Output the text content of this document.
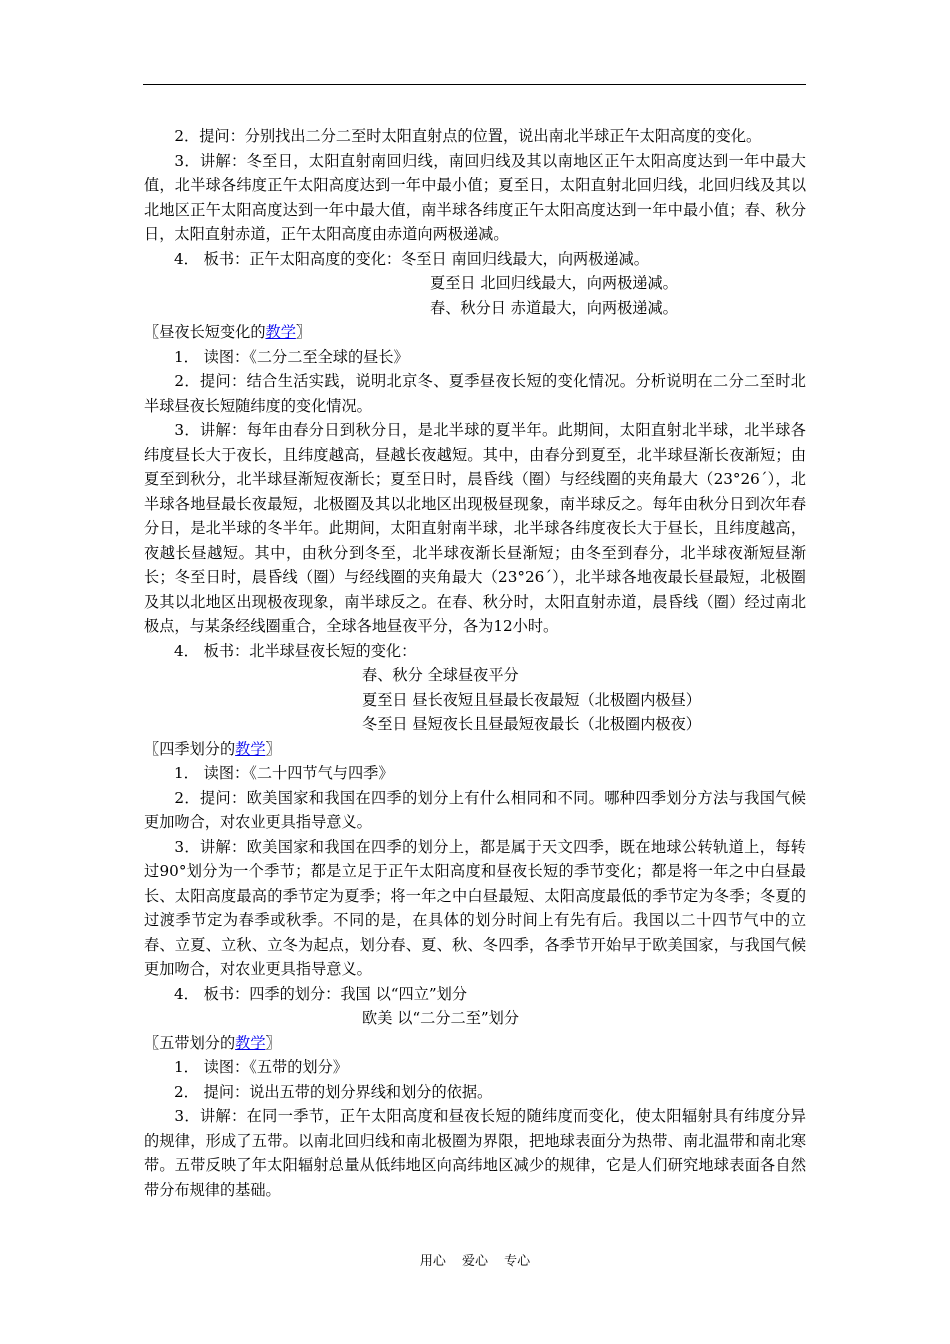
2．提问：分别找出二分二至时太阳直射点的位置，说出南北半球正午太阳高度的变化。

3．讲解：冬至日，太阳直射南回归线，南回归线及其以南地区正午太阳高度达到一年中最大值，北半球各纬度正午太阳高度达到一年中最小值；夏至日，太阳直射北回归线，北回归线及其以北地区正午太阳高度达到一年中最大值，南半球各纬度正午太阳高度达到一年中最小值；春、秋分日，太阳直射赤道，正午太阳高度由赤道向两极递减。

4． 板书：正午太阳高度的变化：冬至日 南回归线最大，向两极递减。

夏至日 北回归线最大，向两极递减。

春、秋分日 赤道最大，向两极递减。

〖昼夜长短变化的教学〗

1． 读图：《二分二至全球的昼长》

2．提问：结合生活实践，说明北京冬、夏季昼夜长短的变化情况。分析说明在二分二至时北半球昼夜长短随纬度的变化情况。

3．讲解：每年由春分日到秋分日，是北半球的夏半年。此期间，太阳直射北半球，北半球各纬度昼长大于夜长，且纬度越高，昼越长夜越短。其中，由春分到夏至，北半球昼渐长夜渐短；由夏至到秋分，北半球昼渐短夜渐长；夏至日时，晨昏线（圈）与经线圈的夹角最大（23°26´），北半球各地昼最长夜最短，北极圈及其以北地区出现极昼现象，南半球反之。每年由秋分日到次年春分日，是北半球的冬半年。此期间，太阳直射南半球，北半球各纬度夜长大于昼长，且纬度越高，夜越长昼越短。其中，由秋分到冬至，北半球夜渐长昼渐短；由冬至到春分，北半球夜渐短昼渐长；冬至日时，晨昏线（圈）与经线圈的夹角最大（23°26´），北半球各地夜最长昼最短，北极圈及其以北地区出现极夜现象，南半球反之。在春、秋分时，太阳直射赤道，晨昏线（圈）经过南北极点，与某条经线圈重合，全球各地昼夜平分，各为12小时。

4． 板书：北半球昼夜长短的变化：

春、秋分 全球昼夜平分

夏至日 昼长夜短且昼最长夜最短（北极圈内极昼）

冬至日 昼短夜长且昼最短夜最长（北极圈内极夜）

〖四季划分的教学〗

1． 读图：《二十四节气与四季》

2．提问：欧美国家和我国在四季的划分上有什么相同和不同。哪种四季划分方法与我国气候更加吻合，对农业更具指导意义。

3．讲解：欧美国家和我国在四季的划分上，都是属于天文四季，既在地球公转轨道上，每转过90°划分为一个季节；都是立足于正午太阳高度和昼夜长短的季节变化；都是将一年之中白昼最长、太阳高度最高的季节定为夏季；将一年之中白昼最短、太阳高度最低的季节定为冬季；冬夏的过渡季节定为春季或秋季。不同的是，在具体的划分时间上有先有后。我国以二十四节气中的立春、立夏、立秋、立冬为起点，划分春、夏、秋、冬四季，各季节开始早于欧美国家，与我国气候更加吻合，对农业更具指导意义。

4． 板书：四季的划分：我国 以“四立”划分

欧美 以“二分二至”划分

〖五带划分的教学〗

1． 读图：《五带的划分》

2． 提问：说出五带的划分界线和划分的依据。

3．讲解：在同一季节，正午太阳高度和昼夜长短的随纬度而变化，使太阳辐射具有纬度分异的规律，形成了五带。以南北回归线和南北极圈为界限，把地球表面分为热带、南北温带和南北寒带。五带反映了年太阳辐射总量从低纬地区向高纬地区减少的规律，它是人们研究地球表面各自然带分布规律的基础。

用心 爱心 专心
